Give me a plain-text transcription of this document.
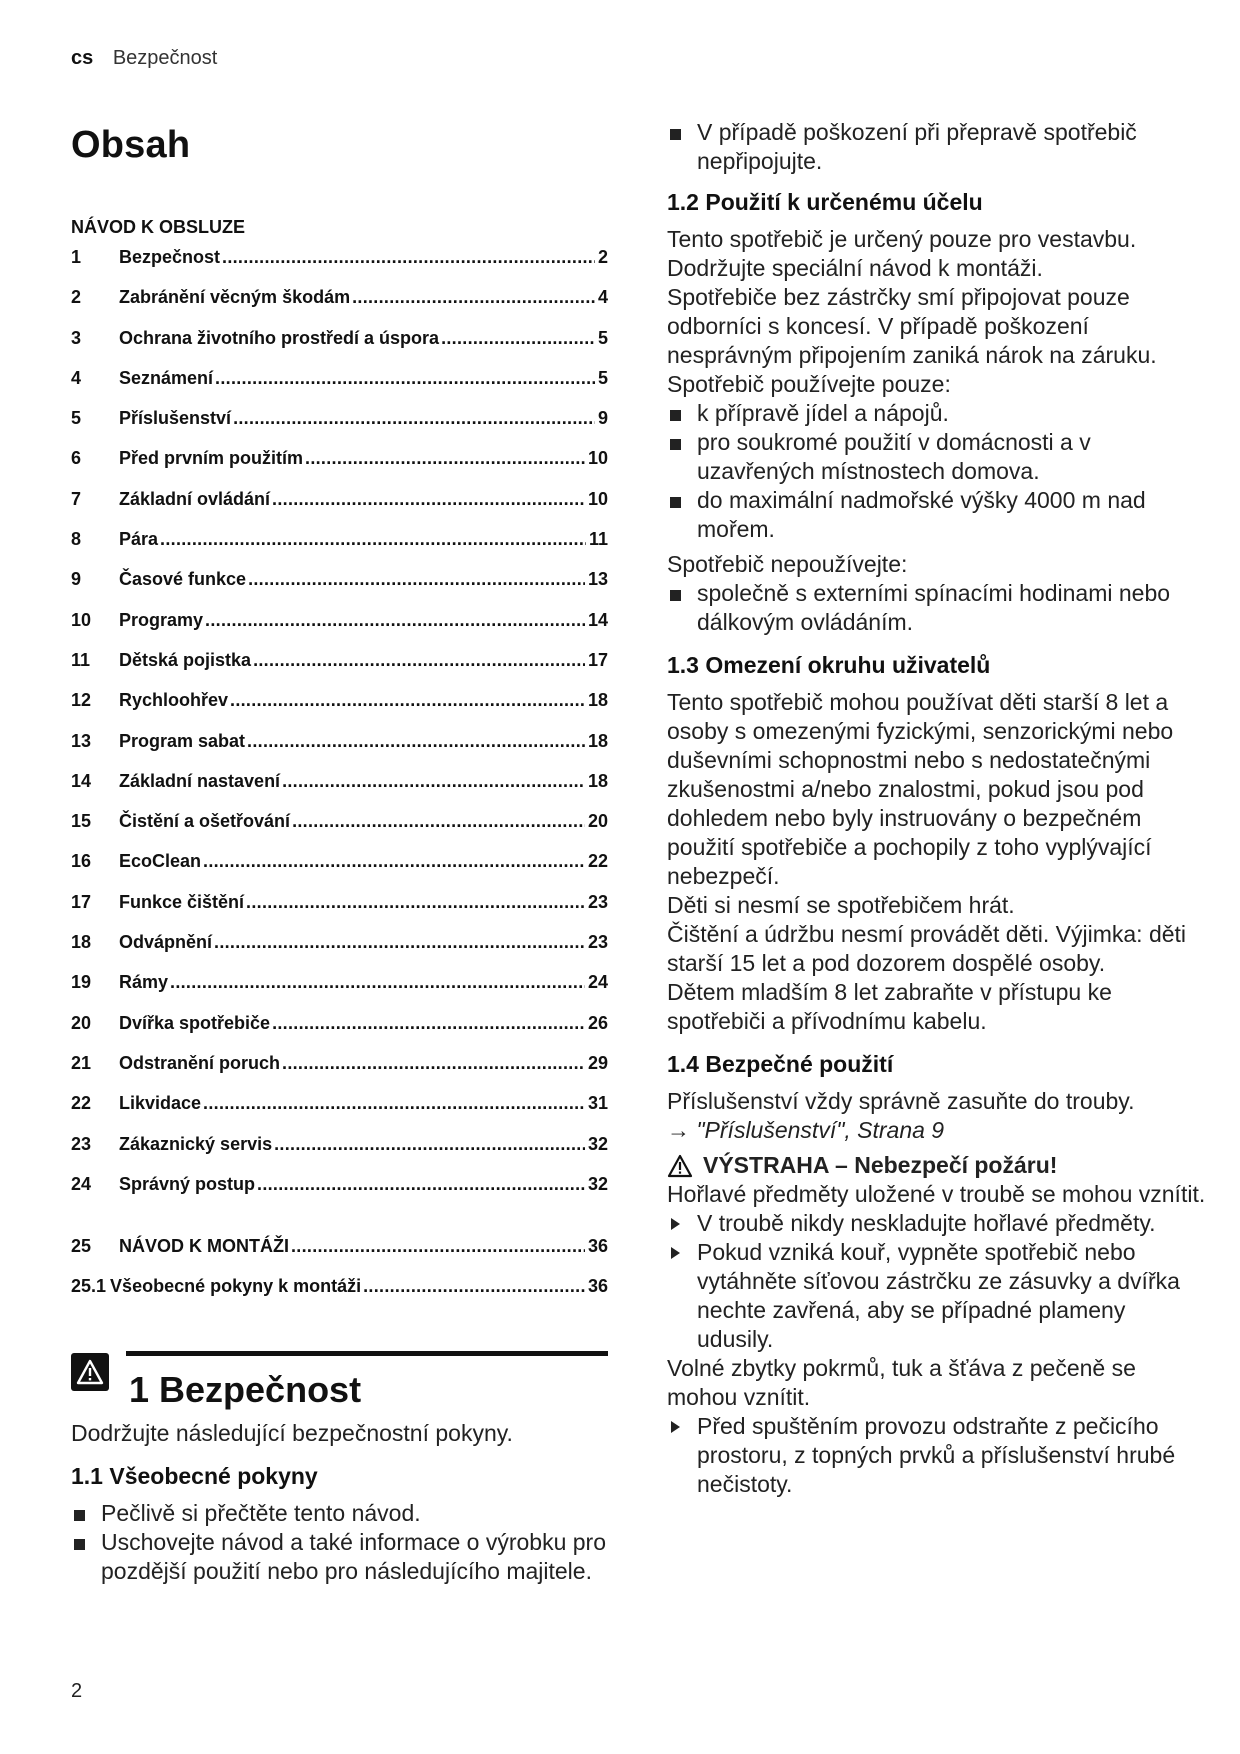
cs Bezpečnost
Obsah
NÁVOD K OBSLUZE
1	Bezpečnost .....	2
2	Zabránění věcným škodám .....	4
3	Ochrana životního prostředí a úspora .....	5
4	Seznámení .....	5
5	Příslušenství .....	9
6	Před prvním použitím .....	10
7	Základní ovládání .....	10
8	Pára .....	11
9	Časové funkce .....	13
10	Programy .....	14
11	Dětská pojistka .....	17
12	Rychloohřev .....	18
13	Program sabat .....	18
14	Základní nastavení .....	18
15	Čistění a ošetřování .....	20
16	EcoClean .....	22
17	Funkce čištění .....	23
18	Odvápnění .....	23
19	Rámy .....	24
20	Dvířka spotřebiče .....	26
21	Odstranění poruch .....	29
22	Likvidace .....	31
23	Zákaznický servis .....	32
24	Správný postup .....	32
25	NÁVOD K MONTÁŽI .....	36
25.1 Všeobecné pokyny k montáži .....	36
1 Bezpečnost

Dodržujte následující bezpečnostní pokyny.

1.1 Všeobecné pokyny
Pečlivě si přečtěte tento návod.
Uschovejte návod a také informace o výrobku pro pozdější použití nebo pro následujícího majitele.
V případě poškození při přepravě spotřebič nepřipojujte.
1.2 Použití k určenému účelu

Tento spotřebič je určený pouze pro vestavbu. Dodržujte speciální návod k montáži.

Spotřebiče bez zástrčky smí připojovat pouze odborníci s koncesí. V případě poškození nesprávným připojením zaniká nárok na záruku.

Spotřebič používejte pouze:

k přípravě jídel a nápojů.
pro soukromé použití v domácnosti a v uzavřených místnostech domova.
do maximální nadmořské výšky 4000 m nad mořem.

Spotřebič nepoužívejte:

společně s externími spínacími hodinami nebo dálkovým ovládáním.
1.3 Omezení okruhu uživatelů

Tento spotřebič mohou používat děti starší 8 let a osoby s omezenými fyzickými, senzorickými nebo duševními schopnostmi nebo s nedostatečnými zkušenostmi a/nebo znalostmi, pokud jsou pod dohledem nebo byly instruovány o bezpečném použití spotřebiče a pochopily z toho vyplývající nebezpečí.

Děti si nesmí se spotřebičem hrát.

Čištění a údržbu nesmí provádět děti. Výjimka: děti starší 15 let a pod dozorem dospělé osoby.

Dětem mladším 8 let zabraňte v přístupu ke spotřebiči a přívodnímu kabelu.

1.4 Bezpečné použití

Příslušenství vždy správně zasuňte do trouby.

→ "Příslušenství", Strana 9

VÝSTRAHA – Nebezpečí požáru!

Hořlavé předměty uložené v troubě se mohou vznítit.

V troubě nikdy neskladujte hořlavé předměty.
Pokud vzniká kouř, vypněte spotřebič nebo vytáhněte síťovou zástrčku ze zásuvky a dvířka nechte zavřená, aby se případné plameny udusily.

Volné zbytky pokrmů, tuk a šťáva z pečeně se mohou vznítit.

Před spuštěním provozu odstraňte z pečicího prostoru, z topných prvků a příslušenství hrubé nečistoty.
2
